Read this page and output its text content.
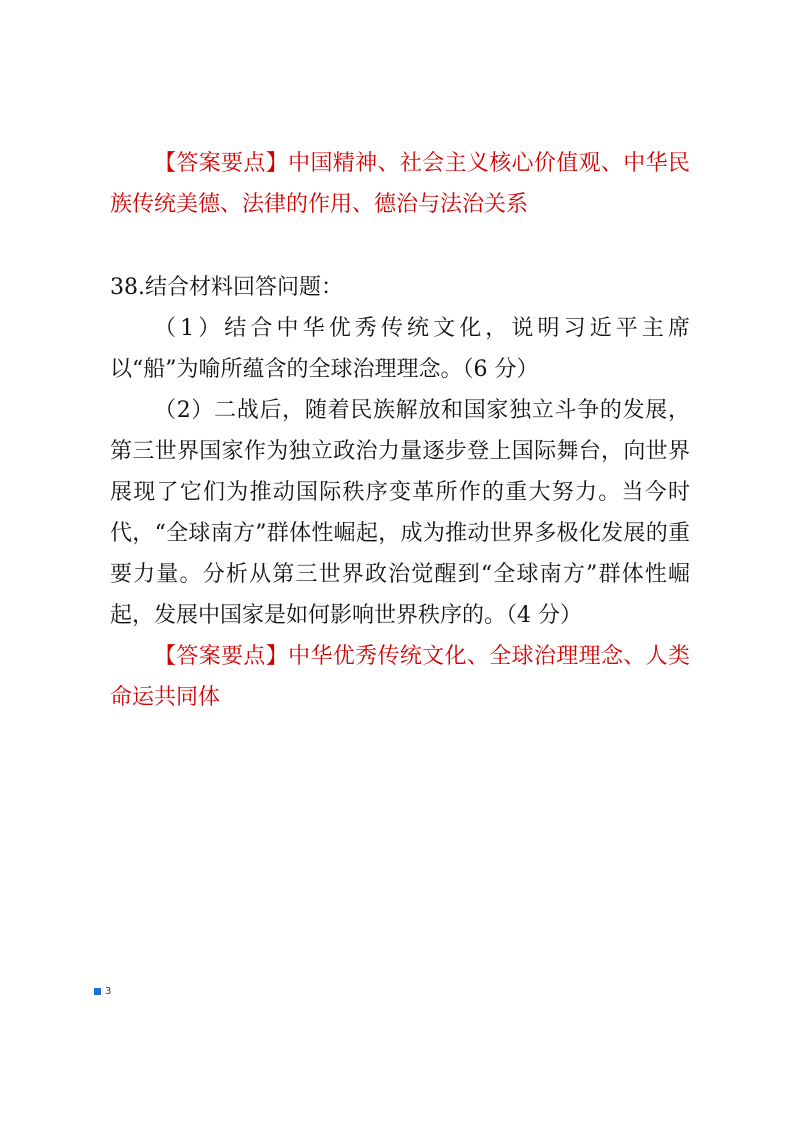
【答案要点】中国精神、社会主义核心价值观、中华民族传统美德、法律的作用、德治与法治关系

38.结合材料回答问题：

（1）结合中华优秀传统文化，说明习近平主席以“船”为喻所蕴含的全球治理理念。（6 分）

（2）二战后，随着民族解放和国家独立斗争的发展，第三世界国家作为独立政治力量逐步登上国际舞台，向世界展现了它们为推动国际秩序变革所作的重大努力。当今时代，“全球南方”群体性崛起，成为推动世界多极化发展的重要力量。分析从第三世界政治觉醒到“全球南方”群体性崛起，发展中国家是如何影响世界秩序的。（4 分）

【答案要点】中华优秀传统文化、全球治理理念、人类命运共同体

3
